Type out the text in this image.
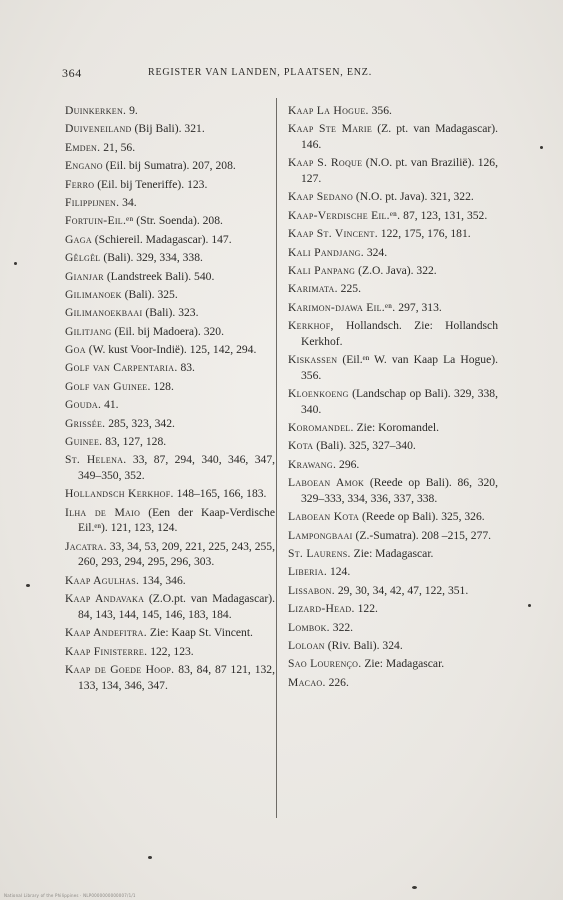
364	REGISTER VAN LANDEN, PLAATSEN, ENZ.
Duinkerken. 9.
Duiveneiland (Bij Bali). 321.
Emden. 21, 56.
Engano (Eil. bij Sumatra). 207, 208.
Ferro (Eil. bij Teneriffe). 123.
Filippijnen. 34.
Fortuin-Eil.ᵉⁿ (Str. Soenda). 208.
Gaga (Schiereil. Madagascar). 147.
Gêlgêl (Bali). 329, 334, 338.
Gianjar (Landstreek Bali). 540.
Gilimanoek (Bali). 325.
Gilimanoekbaai (Bali). 323.
Gilitjang (Eil. bij Madoera). 320.
Goa (W. kust Voor-Indië). 125, 142, 294.
Golf van Carpentaria. 83.
Golf van Guinee. 128.
Gouda. 41.
Grissée. 285, 323, 342.
Guinee. 83, 127, 128.
St. Helena. 33, 87, 294, 340, 346, 347, 349–350, 352.
Hollandsch Kerkhof. 148–165, 166, 183.
Ilha de Maio (Een der Kaap-Verdische Eil.ᵉⁿ). 121, 123, 124.
Jacatra. 33, 34, 53, 209, 221, 225, 243, 255, 260, 293, 294, 295, 296, 303.
Kaap Agulhas. 134, 346.
Kaap Andavaka (Z.O.pt. van Madagascar). 84, 143, 144, 145, 146, 183, 184.
Kaap Andefitra. Zie: Kaap St. Vincent.
Kaap Finisterre. 122, 123.
Kaap de Goede Hoop. 83, 84, 87 121, 132, 133, 134, 346, 347.
Kaap La Hogue. 356.
Kaap Ste Marie (Z. pt. van Madagascar). 146.
Kaap S. Roque (N.O. pt. van Brazilië). 126, 127.
Kaap Sedano (N.O. pt. Java). 321, 322.
Kaap-Verdische Eil.ᵉⁿ. 87, 123, 131, 352.
Kaap St. Vincent. 122, 175, 176, 181.
Kali Pandjang. 324.
Kali Panpang (Z.O. Java). 322.
Karimata. 225.
Karimon-djawa Eil.ᵉⁿ. 297, 313.
Kerkhof, Hollandsch. Zie: Hollandsch Kerkhof.
Kiskassen (Eil.ᵉⁿ W. van Kaap La Hogue). 356.
Kloenkoeng (Landschap op Bali). 329, 338, 340.
Koromandel. Zie: Koromandel.
Kota (Bali). 325, 327–340.
Krawang. 296.
Laboean Amok (Reede op Bali). 86, 320, 329–333, 334, 336, 337, 338.
Laboean Kota (Reede op Bali). 325, 326.
Lampongbaai (Z.-Sumatra). 208 –215, 277.
St. Laurens. Zie: Madagascar.
Liberia. 124.
Lissabon. 29, 30, 34, 42, 47, 122, 351.
Lizard-Head. 122.
Lombok. 322.
Loloan (Riv. Bali). 324.
Sao Lourenço. Zie: Madagascar.
Macao. 226.
National Library of the Philippines · NLP0000000000007/1/1
